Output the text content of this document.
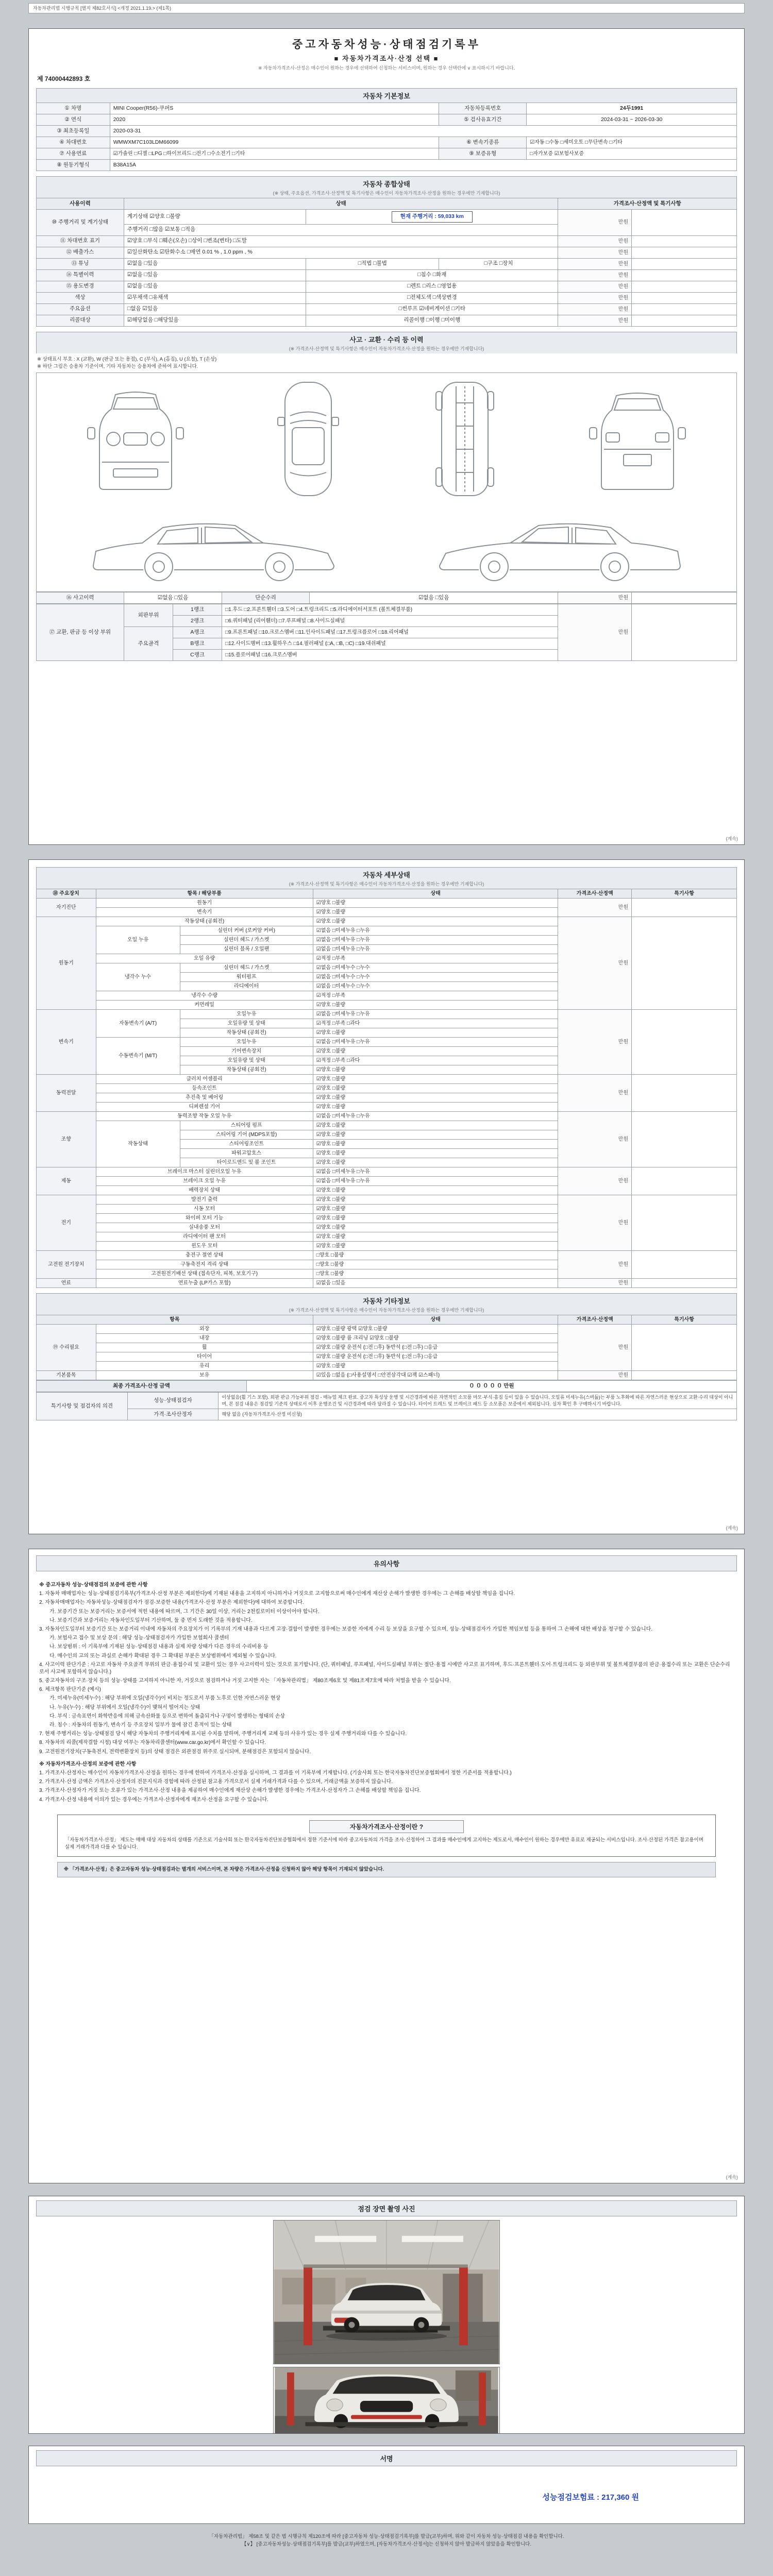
자동차관리법 시행규칙 [별지 제82호서식] <개정 2021.1.19.> (제1쪽)
중고자동차성능·상태점검기록부
■ 자동차가격조사·산정 선택 ■
※ 자동차가격조사·산정은 매수인이 원하는 경우에 선택하여 신청하는 서비스이며, 원하는 경우 선택란에 ∨ 표시하시기 바랍니다.
제 74000442893 호
자동차 기본정보
① 차명	MINI Cooper(R56)-쿠퍼S	자동차등록번호	24두1991
② 연식	2020	⑤ 검사유효기간	2024-03-31 ~ 2026-03-30
③ 최초등록일	2020-03-31		
④ 차대번호	WMWXM7C103LDM66099	⑥ 변속기종류	☑자동 □수동 □세미오토 □무단변속 □기타
⑦ 사용연료	☑가솔린 □디젤 □LPG □하이브리드 □전기 □수소전기 □기타	⑨ 보증유형	□자가보증 ☑보험사보증
⑧ 원동기형식	B38A15A		
자동차 종합상태
(※ 상태, 주요옵션, 가격조사·산정액 및 특기사항은 매수인이 자동차가격조사·산정을 원하는 경우에만 기재합니다)
사용이력	상태			가격조사·산정액 및 특기사항	
⑩ 주행거리 및 계기상태	계기상태 ☑양호 □불량	현재 주행거리 : 59,033 km		만원	
	주행거리 □많음 ☑보통 □적음				
⑪ 차대번호 표기	☑양호 □부식 □훼손(오손) □상이 □변조(변타) □도말			만원	
⑫ 배출가스	☑일산화탄소 ☑탄화수소 □매연 0.01 % , 1.0 ppm , %			만원	
⑬ 튜닝	☑없음 □있음	□적법 □불법	□구조 □장치	만원	
⑭ 특별이력	☑없음 □있음	□침수 □화재		만원	
⑮ 용도변경	☑없음 □있음	□렌트 □리스 □영업용		만원	
색상	☑무채색 □유채색	□전체도색 □색상변경		만원	
주요옵션	□없음 ☑있음	□썬루프 ☑네비게이션 □기타		만원	
리콜대상	☑해당없음 □해당있음	리콜이행 □이행 □미이행		만원	
사고 · 교환 · 수리 등 이력
(※ 가격조사·산정액 및 특기사항은 매수인이 자동차가격조사·산정을 원하는 경우에만 기재합니다)
※ 상태표시 부호 : X (교환), W (판금 또는 용접), C (부식), A (흠집), U (요철), T (손상)
※ 하단 그림은 승용차 기준이며, 기타 자동차는 승용차에 준하여 표시합니다.
⑯ 사고이력	☑없음 □있음	단순수리	☑없음 □있음	만원	
⑰ 교환, 판금 등 이상 부위	외판부위	1랭크	□1.후드 □2.프론트휀더 □3.도어 □4.트렁크리드 □5.라디에이터서포트 (볼트체결부품)	만원	
		2랭크	□6.쿼터패널 (리어휀더) □7.루프패널 □8.사이드실패널		
	주요골격	A랭크	□9.프론트패널 □10.크로스멤버 □11.인사이드패널 □17.트렁크플로어 □18.리어패널		
		B랭크	□12.사이드멤버 □13.휠하우스 □14.필러패널 (□A, □B, □C) □19.대쉬패널		
		C랭크	□15.플로어패널 □16.크로스멤버		
(계속)
자동차 세부상태
(※ 가격조사·산정액 및 특기사항은 매수인이 자동차가격조사·산정을 원하는 경우에만 기재합니다)
⑱ 주요장치	항목 / 해당부품		상태	가격조사·산정액	특기사항
자기진단	원동기		☑양호 □불량	만원	
	변속기		☑양호 □불량		
원동기	작동상태 (공회전)		☑양호 □불량	만원	
	오일 누유	실린더 커버 (로커암 커버)	☑없음 □미세누유 □누유		
		실린더 헤드 / 가스켓	☑없음 □미세누유 □누유		
		실린더 블록 / 오일팬	☑없음 □미세누유 □누유		
	오일 유량		☑적정 □부족		
	냉각수 누수	실린더 헤드 / 가스켓	☑없음 □미세누수 □누수		
		워터펌프	☑없음 □미세누수 □누수		
		라디에이터	☑없음 □미세누수 □누수		
	냉각수 수량		☑적정 □부족		
	커먼레일		☑양호 □불량		
변속기	자동변속기 (A/T)	오일누유	☑없음 □미세누유 □누유	만원	
		오일유량 및 상태	☑적정 □부족 □과다		
		작동상태 (공회전)	☑양호 □불량		
	수동변속기 (M/T)	오일누유	☑없음 □미세누유 □누유		
		기어변속장치	☑양호 □불량		
		오일유량 및 상태	☑적정 □부족 □과다		
		작동상태 (공회전)	☑양호 □불량		
동력전달	클러치 어셈블리		☑양호 □불량	만원	
	등속조인트		☑양호 □불량		
	추진축 및 베어링		☑양호 □불량		
	디퍼렌셜 기어		☑양호 □불량		
조향	동력조향 작동 오일 누유		☑없음 □미세누유 □누유	만원	
	작동상태	스티어링 펌프	☑양호 □불량		
		스티어링 기어 (MDPS포함)	☑양호 □불량		
		스티어링조인트	☑양호 □불량		
		파워고압호스	☑양호 □불량		
		타이로드엔드 및 볼 조인트	☑양호 □불량		
제동	브레이크 마스터 실린더오일 누유		☑없음 □미세누유 □누유	만원	
	브레이크 오일 누유		☑없음 □미세누유 □누유		
	배력장치 상태		☑양호 □불량		
전기	발전기 출력		☑양호 □불량	만원	
	시동 모터		☑양호 □불량		
	와이퍼 모터 기능		☑양호 □불량		
	실내송풍 모터		☑양호 □불량		
	라디에이터 팬 모터		☑양호 □불량		
	윈도우 모터		☑양호 □불량		
고전원 전기장치	충전구 절연 상태		□양호 □불량	만원	
	구동축전지 격리 상태		□양호 □불량		
	고전원전기배선 상태 (접속단자, 피복, 보호기구)		□양호 □불량		
연료	연료누출 (LP가스 포함)		☑없음 □있음	만원	
자동차 기타정보
(※ 가격조사·산정액 및 특기사항은 매수인이 자동차가격조사·산정을 원하는 경우에만 기재합니다)
항목		상태	가격조사·산정액	특기사항
⑲ 수리필요	외장	☑양호 □불량 광택 ☑양호 □불량	만원	
	내장	☑양호 □불량 룸 크리닝 ☑양호 □불량		
	휠	☑양호 □불량 운전석 (□전 □후) 동반석 (□전 □후) □응급		
	타이어	☑양호 □불량 운전석 (□전 □후) 동반석 (□전 □후) □응급		
	유리	☑양호 □불량		
기본품목	보유	☑있음 □없음 (□사용설명서 □안전삼각대 ☑잭 ☑스패너)	만원	
최종 가격조사·산정 금액	０ ０ ０ ０ ０ 만원
특기사항 및 점검자의 의견	성능·상태점검자	이상없음(휠 기스 포함). 외판 판금 가능부위 점검 - 매뉴얼 체크 완료. 중고차 특성상 운행 및 시간경과에 따른 자연적인 소모품 마모·부식·흠집 등이 있을 수 있습니다. 오일류 미세누유(스며듦)는 부품 노후화에 따른 자연스러운 현상으로 교환·수리 대상이 아니며, 본 점검 내용은 점검일 기준의 상태로서 이후 운행조건 및 시간경과에 따라 달라질 수 있습니다. 타이어 트레드 및 브레이크 패드 등 소모품은 보증에서 제외됩니다. 실차 확인 후 구매하시기 바랍니다.
	가격·조사산정자	해당 없음 (자동차가격조사·산정 미신청)
(계속)
유의사항
※ 중고자동차 성능·상태점검의 보증에 관한 사항
1. 자동차 매매업자는 성능·상태점검기록부(가격조사·산정 부분은 제외한다)에 기재된 내용을 고지하지 아니하거나 거짓으로 고지함으로써 매수인에게 재산상 손해가 발생한 경우에는 그 손해를 배상할 책임을 집니다.
2. 자동차매매업자는 자동차성능·상태점검자가 점검·보증한 내용(가격조사·산정 부분은 제외한다)에 대하여 보증합니다.
가. 보증기간 또는 보증거리는 보증서에 적힌 내용에 따르며, 그 기간은 30일 이상, 거리는 2천킬로미터 이상이어야 합니다.
나. 보증기간과 보증거리는 자동차인도일부터 기산하며, 둘 중 먼저 도래한 것을 적용합니다.
3. 자동차인도일부터 보증기간 또는 보증거리 이내에 자동차의 주요장치가 이 기록부의 기재 내용과 다르게 고장·결함이 발생한 경우에는 보증한 자에게 수리 등 보상을 요구할 수 있으며, 성능·상태점검자가 가입한 책임보험 등을 통하여 그 손해에 대한 배상을 청구할 수 있습니다.
가. 보험사고 접수 및 보상 문의 : 해당 성능·상태점검자가 가입한 보험회사 콜센터
나. 보상범위 : 이 기록부에 기재된 성능·상태점검 내용과 실제 차량 상태가 다른 경우의 수리비용 등
다. 매수인의 고의 또는 과실로 손해가 확대된 경우 그 확대된 부분은 보상범위에서 제외될 수 있습니다.
4. 사고이력 판단기준 : 사고로 자동차 주요골격 부위의 판금·용접수리 및 교환이 있는 경우 사고이력이 있는 것으로 표기합니다. (단, 쿼터패널, 루프패널, 사이드실패널 부위는 절단·용접 시에만 사고로 표기하며, 후드·프론트휀더·도어·트렁크리드 등 외판부위 및 볼트체결부품의 판금·용접수리 또는 교환은 단순수리로서 사고에 포함하지 않습니다.)
5. 중고자동차의 구조·장치 등의 성능·상태를 고지하지 아니한 자, 거짓으로 점검하거나 거짓 고지한 자는 「자동차관리법」 제80조제6호 및 제81조제7호에 따라 처벌을 받을 수 있습니다.
6. 체크항목 판단기준 (예시)
가. 미세누유(미세누수) : 해당 부위에 오일(냉각수)이 비치는 정도로서 부품 노후로 인한 자연스러운 현상
나. 누유(누수) : 해당 부위에서 오일(냉각수)이 맺혀서 떨어지는 상태
다. 부식 : 금속표면이 화학반응에 의해 금속산화물 등으로 변하여 돌출되거나 구멍이 발생하는 형태의 손상
라. 침수 : 자동차의 원동기, 변속기 등 주요장치 일부가 물에 잠긴 흔적이 있는 상태
7. 현재 주행거리는 성능·상태점검 당시 해당 자동차의 주행거리계에 표시된 수치를 말하며, 주행거리계 교체 등의 사유가 있는 경우 실제 주행거리와 다를 수 있습니다.
8. 자동차의 리콜(제작결함 시정) 대상 여부는 자동차리콜센터(www.car.go.kr)에서 확인할 수 있습니다.
9. 고전원전기장치(구동축전지, 전력변환장치 등)의 상태 점검은 외관점검 위주로 실시되며, 분해점검은 포함되지 않습니다.
※ 자동차가격조사·산정의 보증에 관한 사항
1. 가격조사·산정자는 매수인이 자동차가격조사·산정을 원하는 경우에 한하여 가격조사·산정을 실시하며, 그 결과를 이 기록부에 기재합니다. (기술사회 또는 한국자동차진단보증협회에서 정한 기준서를 적용합니다.)
2. 가격조사·산정 금액은 가격조사·산정자의 전문지식과 경험에 따라 산정된 참고용 가격으로서 실제 거래가격과 다를 수 있으며, 거래금액을 보증하지 않습니다.
3. 가격조사·산정자가 거짓 또는 오류가 있는 가격조사·산정 내용을 제공하여 매수인에게 재산상 손해가 발생한 경우에는 가격조사·산정자가 그 손해를 배상할 책임을 집니다.
4. 가격조사·산정 내용에 이의가 있는 경우에는 가격조사·산정자에게 재조사·산정을 요구할 수 있습니다.
자동차가격조사·산정이란 ?
「자동차가격조사·산정」 제도는 매매 대상 자동차의 상태를 기준으로 기술사회 또는 한국자동차진단보증협회에서 정한 기준서에 따라 중고자동차의 가격을 조사·산정하여 그 결과를 매수인에게 고지하는 제도로서, 매수인이 원하는 경우에만 유료로 제공되는 서비스입니다. 조사·산정된 가격은 참고용이며 실제 거래가격과 다를 수 있습니다.
※ 「가격조사·산정」은 중고자동차 성능·상태점검과는 별개의 서비스이며, 본 차량은 가격조사·산정을 신청하지 않아 해당 항목이 기재되지 않았습니다.
(계속)
점검 장면 촬영 사진
서명
성능점검보험료 : 217,360 원
「자동차관리법」 제58조 및 같은 법 시행규칙 제120조에 따라 [중고자동차 성능·상태점검기록부]를 발급(교부)하며, 위와 같이 자동차 성능·상태점검 내용을 확인합니다.
【∨】 [중고자동차성능·상태점검기록부]를 발급(교부)하였으며, [자동차가격조사·산정서]는 신청하지 않아 발급하지 않았음을 확인합니다.
